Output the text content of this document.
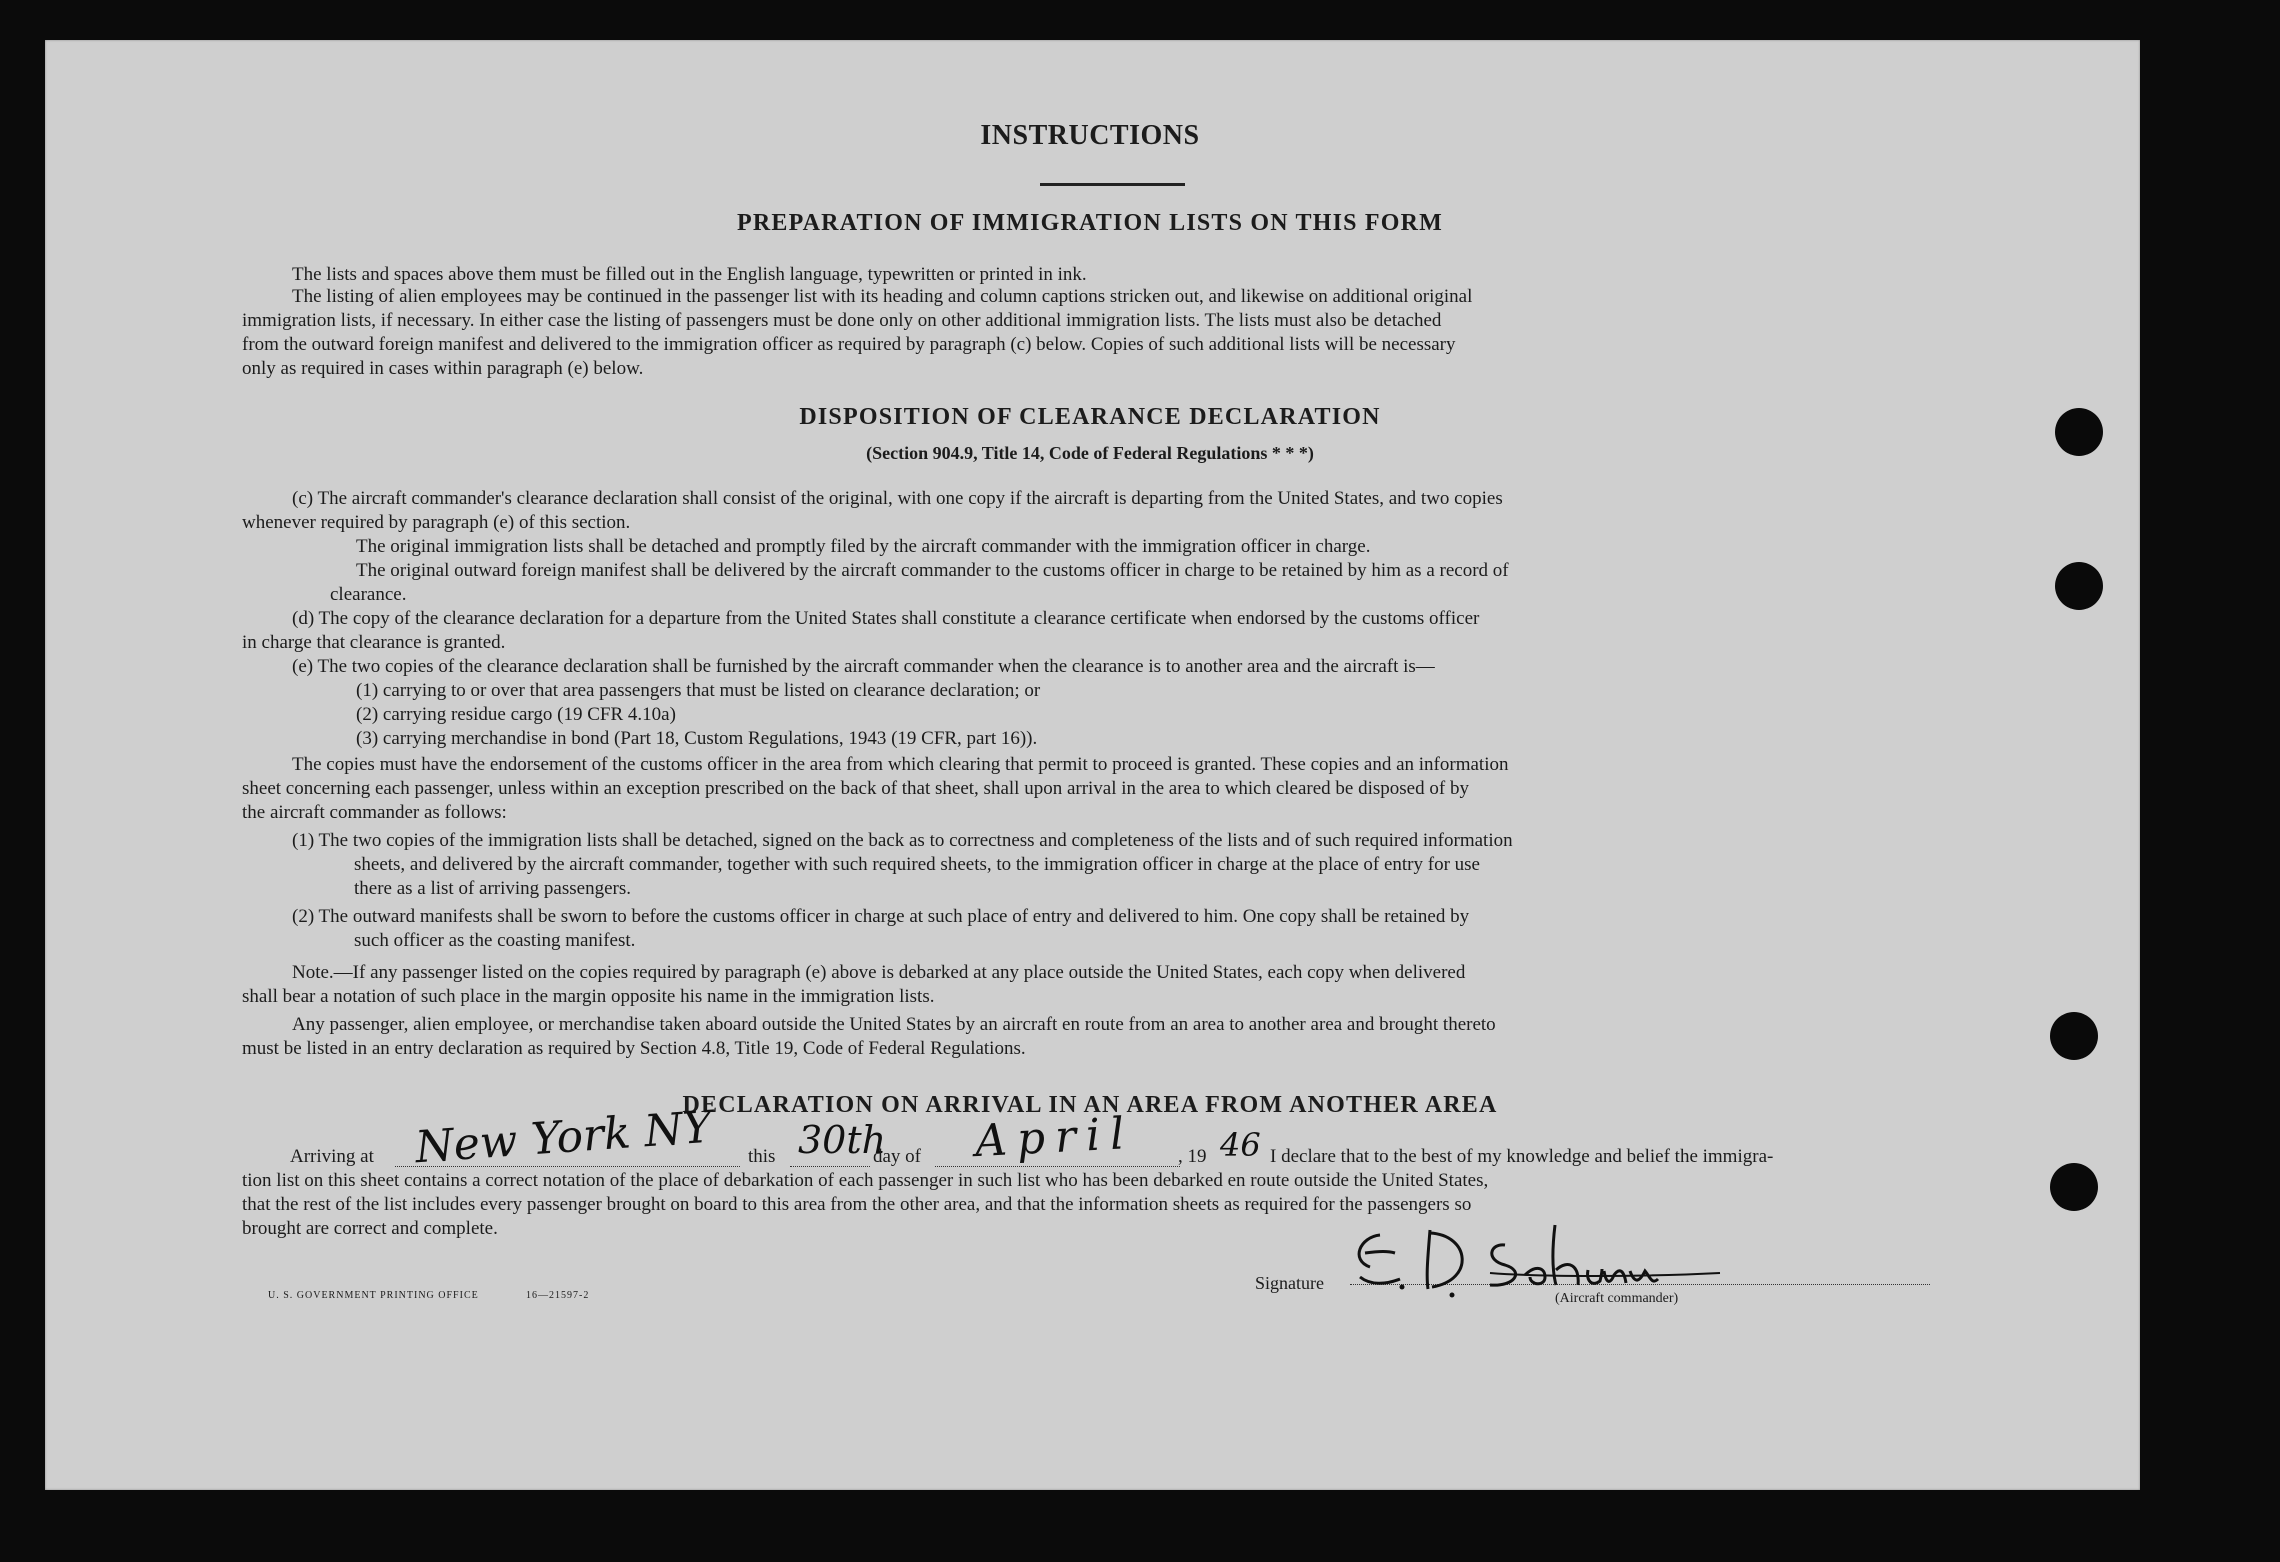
INSTRUCTIONS
PREPARATION OF IMMIGRATION LISTS ON THIS FORM
The lists and spaces above them must be filled out in the English language, typewritten or printed in ink.
The listing of alien employees may be continued in the passenger list with its heading and column captions stricken out, and likewise on additional original
immigration lists, if necessary. In either case the listing of passengers must be done only on other additional immigration lists. The lists must also be detached
from the outward foreign manifest and delivered to the immigration officer as required by paragraph (c) below. Copies of such additional lists will be necessary
only as required in cases within paragraph (e) below.
DISPOSITION OF CLEARANCE DECLARATION
(Section 904.9, Title 14, Code of Federal Regulations * * *)
(c) The aircraft commander's clearance declaration shall consist of the original, with one copy if the aircraft is departing from the United States, and two copies
whenever required by paragraph (e) of this section.
The original immigration lists shall be detached and promptly filed by the aircraft commander with the immigration officer in charge.
The original outward foreign manifest shall be delivered by the aircraft commander to the customs officer in charge to be retained by him as a record of
clearance.
(d) The copy of the clearance declaration for a departure from the United States shall constitute a clearance certificate when endorsed by the customs officer
in charge that clearance is granted.
(e) The two copies of the clearance declaration shall be furnished by the aircraft commander when the clearance is to another area and the aircraft is—
(1) carrying to or over that area passengers that must be listed on clearance declaration; or
(2) carrying residue cargo (19 CFR 4.10a)
(3) carrying merchandise in bond (Part 18, Custom Regulations, 1943 (19 CFR, part 16)).
The copies must have the endorsement of the customs officer in the area from which clearing that permit to proceed is granted. These copies and an information
sheet concerning each passenger, unless within an exception prescribed on the back of that sheet, shall upon arrival in the area to which cleared be disposed of by
the aircraft commander as follows:
(1) The two copies of the immigration lists shall be detached, signed on the back as to correctness and completeness of the lists and of such required information
sheets, and delivered by the aircraft commander, together with such required sheets, to the immigration officer in charge at the place of entry for use
there as a list of arriving passengers.
(2) The outward manifests shall be sworn to before the customs officer in charge at such place of entry and delivered to him. One copy shall be retained by
such officer as the coasting manifest.
Note.—If any passenger listed on the copies required by paragraph (e) above is debarked at any place outside the United States, each copy when delivered
shall bear a notation of such place in the margin opposite his name in the immigration lists.
Any passenger, alien employee, or merchandise taken aboard outside the United States by an aircraft en route from an area to another area and brought thereto
must be listed in an entry declaration as required by Section 4.8, Title 19, Code of Federal Regulations.
DECLARATION ON ARRIVAL IN AN AREA FROM ANOTHER AREA
Arriving at New York NY this 30th
day of April , 19 46 I declare that to the best of my knowledge and belief the immigra-
tion list on this sheet contains a correct notation of the place of debarkation of each passenger in such list who has been debarked en route outside the United States,
that the rest of the list includes every passenger brought on board to this area from the other area, and that the information sheets as required for the passengers so
brought are correct and complete.
U. S. GOVERNMENT PRINTING OFFICE	16—21597-2
Signature
(Aircraft commander)
